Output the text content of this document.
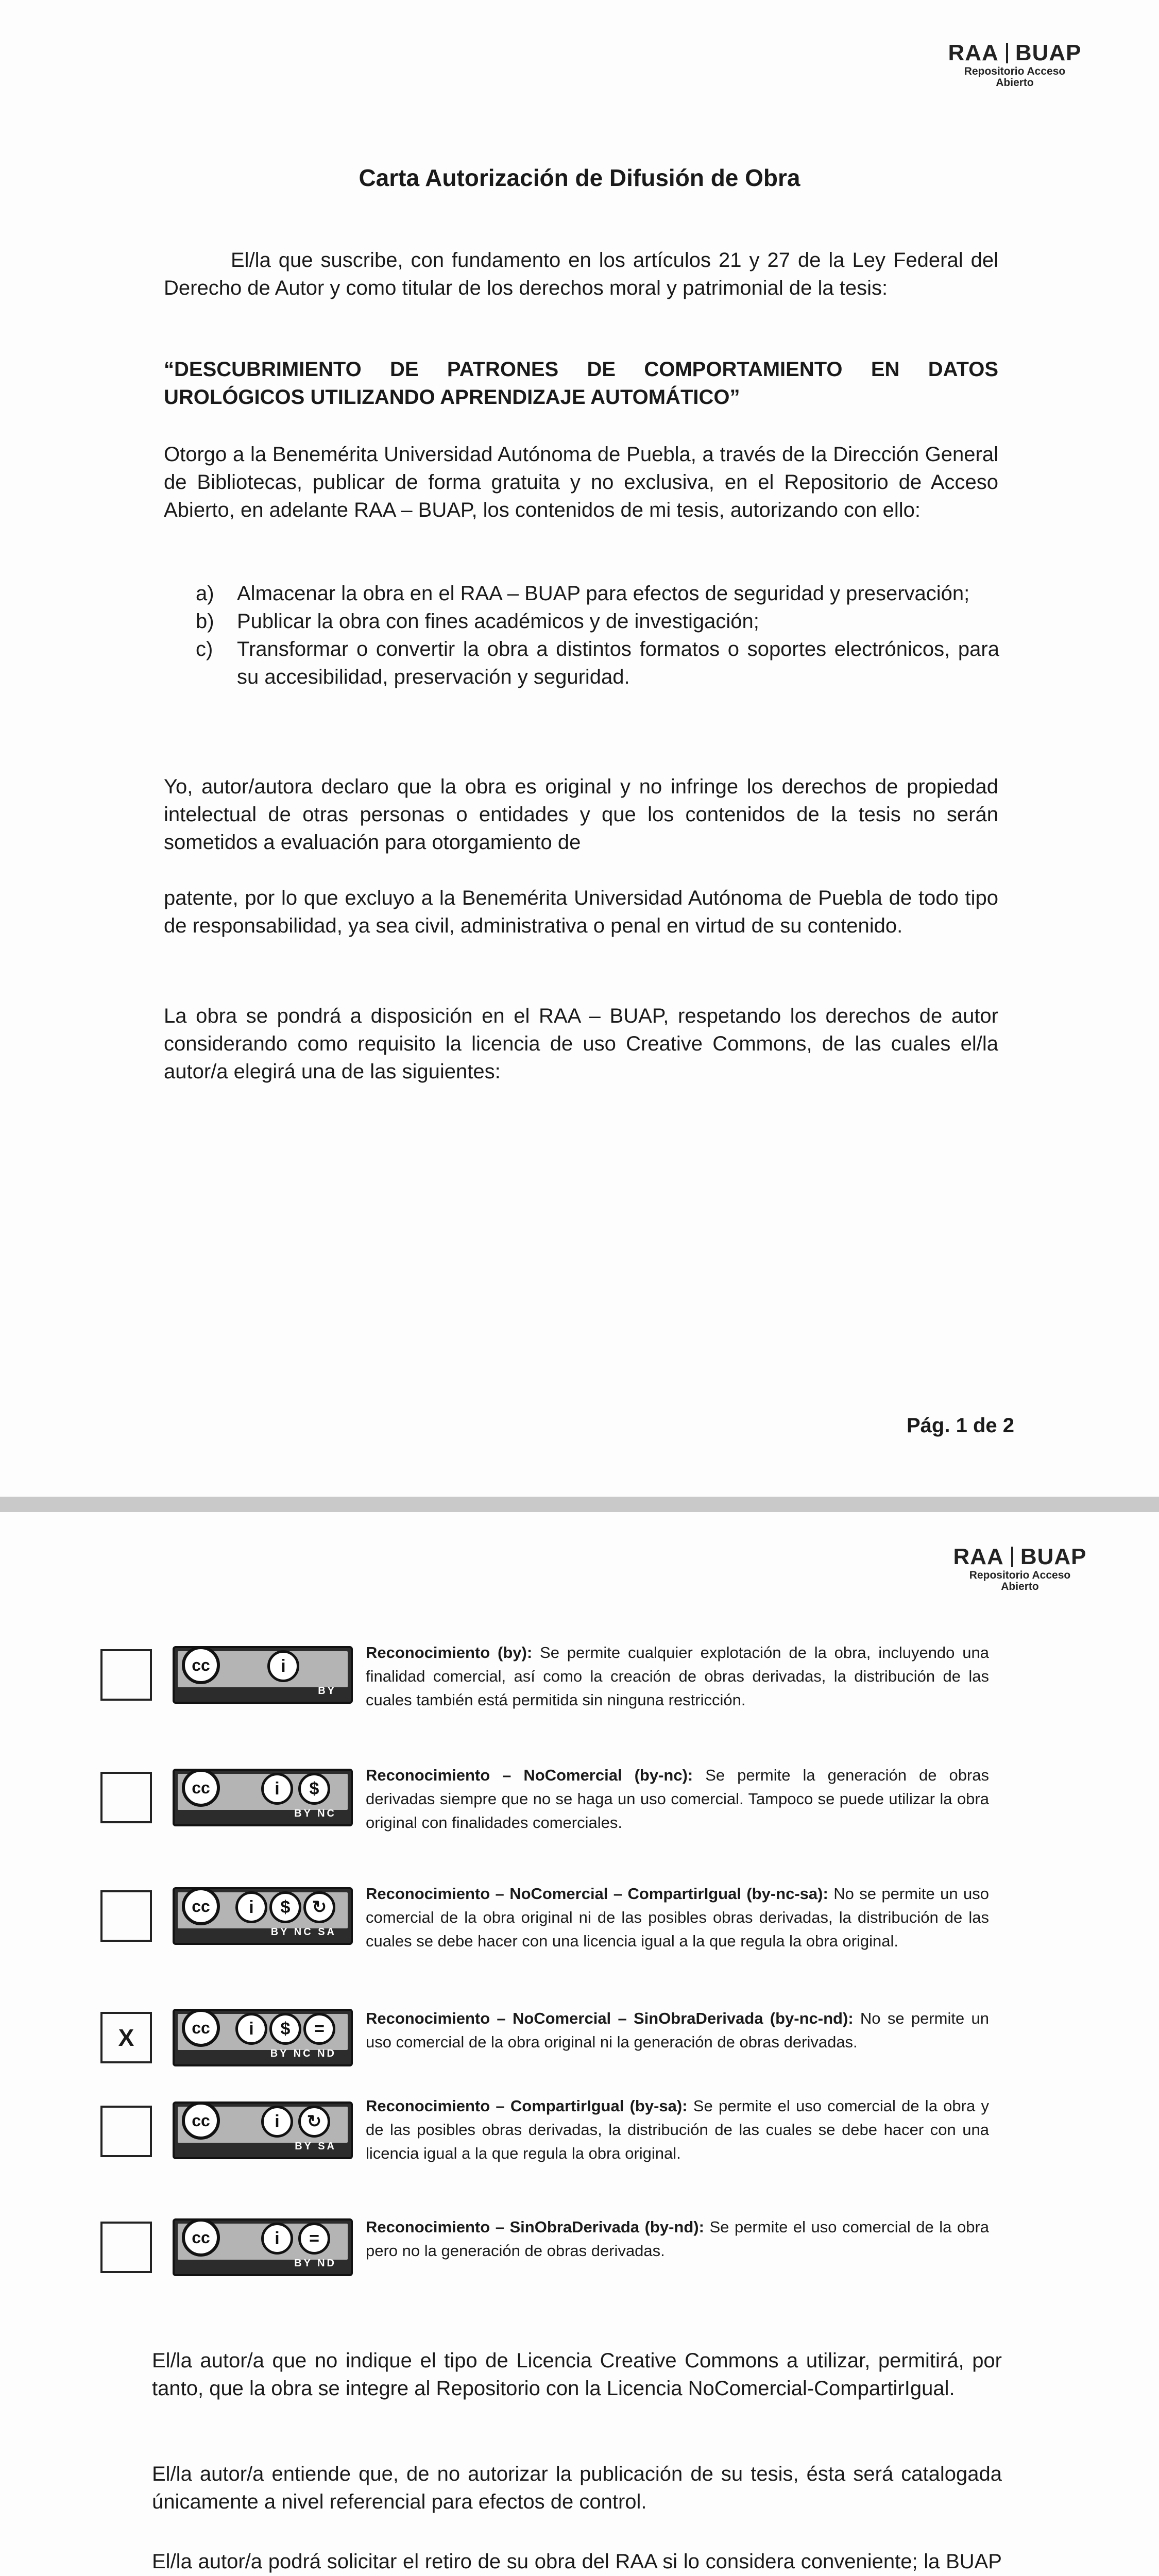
RAA BUAP
Repositorio Acceso
Abierto
Carta Autorización de Difusión de Obra
El/la que suscribe, con fundamento en los artículos 21 y 27 de la Ley Federal del Derecho de Autor y como titular de los derechos moral y patrimonial de la tesis:
“DESCUBRIMIENTO DE PATRONES DE COMPORTAMIENTO EN DATOS UROLÓGICOS UTILIZANDO APRENDIZAJE AUTOMÁTICO”
Otorgo a la Benemérita Universidad Autónoma de Puebla, a través de la Dirección General de Bibliotecas, publicar de forma gratuita y no exclusiva, en el Repositorio de Acceso Abierto, en adelante RAA – BUAP, los contenidos de mi tesis, autorizando con ello:
a) Almacenar la obra en el RAA – BUAP para efectos de seguridad y preservación;
b) Publicar la obra con fines académicos y de investigación;
c) Transformar o convertir la obra a distintos formatos o soportes electrónicos, para su accesibilidad, preservación y seguridad.
Yo, autor/autora declaro que la obra es original y no infringe los derechos de propiedad intelectual de otras personas o entidades y que los contenidos de la tesis no serán sometidos a evaluación para otorgamiento de
patente, por lo que excluyo a la Benemérita Universidad Autónoma de Puebla de todo tipo de responsabilidad, ya sea civil, administrativa o penal en virtud de su contenido.
La obra se pondrá a disposición en el RAA – BUAP, respetando los derechos de autor considerando como requisito la licencia de uso Creative Commons, de las cuales el/la autor/a elegirá una de las siguientes:
Pág. 1 de 2
RAA BUAP
Repositorio Acceso
Abierto
cc	i
BY
Reconocimiento (by): Se permite cualquier explotación de la obra, incluyendo una finalidad comercial, así como la creación de obras derivadas, la distribución de las cuales también está permitida sin ninguna restricción.
cc	i	$
BY NC
Reconocimiento – NoComercial (by-nc): Se permite la generación de obras derivadas siempre que no se haga un uso comercial. Tampoco se puede utilizar la obra original con finalidades comerciales.
cc	i	$	↻
BY NC SA
Reconocimiento – NoComercial – CompartirIgual (by-nc-sa): No se permite un uso comercial de la obra original ni de las posibles obras derivadas, la distribución de las cuales se debe hacer con una licencia igual a la que regula la obra original.
X	cc	i	$	=
BY NC ND
Reconocimiento – NoComercial – SinObraDerivada (by-nc-nd): No se permite un uso comercial de la obra original ni la generación de obras derivadas.
cc	i	↻
BY SA
Reconocimiento – CompartirIgual (by-sa): Se permite el uso comercial de la obra y de las posibles obras derivadas, la distribución de las cuales se debe hacer con una licencia igual a la que regula la obra original.
cc	i	=
BY ND
Reconocimiento – SinObraDerivada (by-nd): Se permite el uso comercial de la obra pero no la generación de obras derivadas.
El/la autor/a que no indique el tipo de Licencia Creative Commons a utilizar, permitirá, por tanto, que la obra se integre al Repositorio con la Licencia NoComercial-CompartirIgual.
El/la autor/a entiende que, de no autorizar la publicación de su tesis, ésta será catalogada únicamente a nivel referencial para efectos de control.
El/la autor/a podrá solicitar el retiro de su obra del RAA si lo considera conveniente; la BUAP
